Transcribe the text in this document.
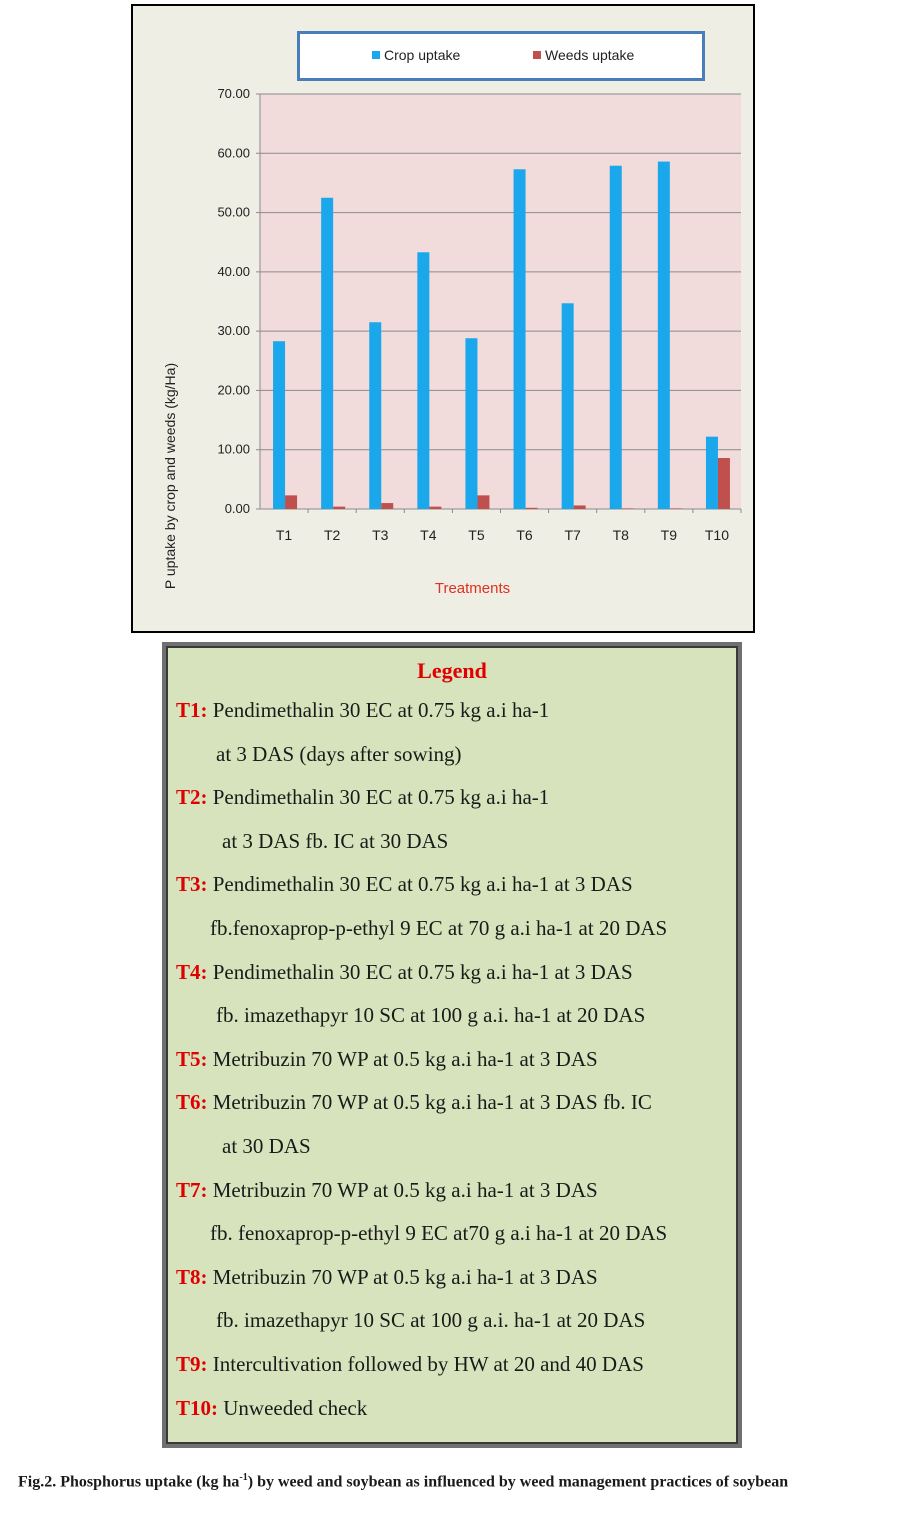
0.00
10.00
20.00
30.00
40.00
50.00
60.00
70.00
T1 T2 T3 T4 T5 T6 T7 T8 T9 T10
Treatments
P uptake by crop and weeds (kg/Ha)
Crop uptake	Weeds uptake
Legend
T1: Pendimethalin 30 EC at 0.75 kg a.i ha-1
at 3 DAS (days after sowing)
T2: Pendimethalin 30 EC at 0.75 kg a.i ha-1
at 3 DAS fb. IC at 30 DAS
T3: Pendimethalin 30 EC at 0.75 kg a.i ha-1 at 3 DAS
fb.fenoxaprop-p-ethyl 9 EC at 70 g a.i ha-1 at 20 DAS
T4: Pendimethalin 30 EC at 0.75 kg a.i ha-1 at 3 DAS
fb. imazethapyr 10 SC at 100 g a.i. ha-1 at 20 DAS
T5: Metribuzin 70 WP at 0.5 kg a.i ha-1 at 3 DAS
T6: Metribuzin 70 WP at 0.5 kg a.i ha-1 at 3 DAS fb. IC
at 30 DAS
T7: Metribuzin 70 WP at 0.5 kg a.i ha-1 at 3 DAS
fb. fenoxaprop-p-ethyl 9 EC at70 g a.i ha-1 at 20 DAS
T8: Metribuzin 70 WP at 0.5 kg a.i ha-1 at 3 DAS
fb. imazethapyr 10 SC at 100 g a.i. ha-1 at 20 DAS
T9: Intercultivation followed by HW at 20 and 40 DAS
T10: Unweeded check
Fig.2. Phosphorus uptake (kg $ha^{-1}$) by weed and soybean as influenced by weed management practices of soybean
